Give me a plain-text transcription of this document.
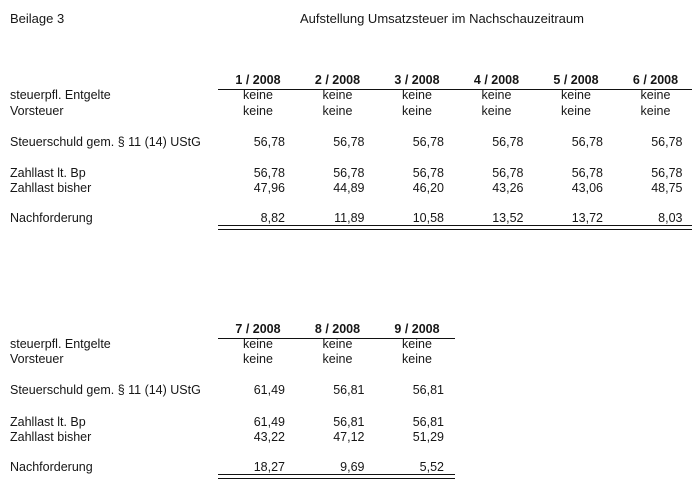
Beilage 3	Aufstellung Umsatzsteuer im Nachschauzeitraum
steuerpfl. Entgelte
Vorsteuer
Steuerschuld gem. § 11 (14) UStG
Zahllast lt. Bp
Zahllast bisher
Nachforderung
1 / 2008
keine
keine
56,78
56,78
47,96
8,82
2 / 2008
keine
keine
56,78
56,78
44,89
11,89
3 / 2008
keine
keine
56,78
56,78
46,20
10,58
4 / 2008
keine
keine
56,78
56,78
43,26
13,52
5 / 2008
keine
keine
56,78
56,78
43,06
13,72
6 / 2008
keine
keine
56,78
56,78
48,75
8,03
steuerpfl. Entgelte
Vorsteuer
Steuerschuld gem. § 11 (14) UStG
Zahllast lt. Bp
Zahllast bisher
Nachforderung
7 / 2008
keine
keine
61,49
61,49
43,22
18,27
8 / 2008
keine
keine
56,81
56,81
47,12
9,69
9 / 2008
keine
keine
56,81
56,81
51,29
5,52
